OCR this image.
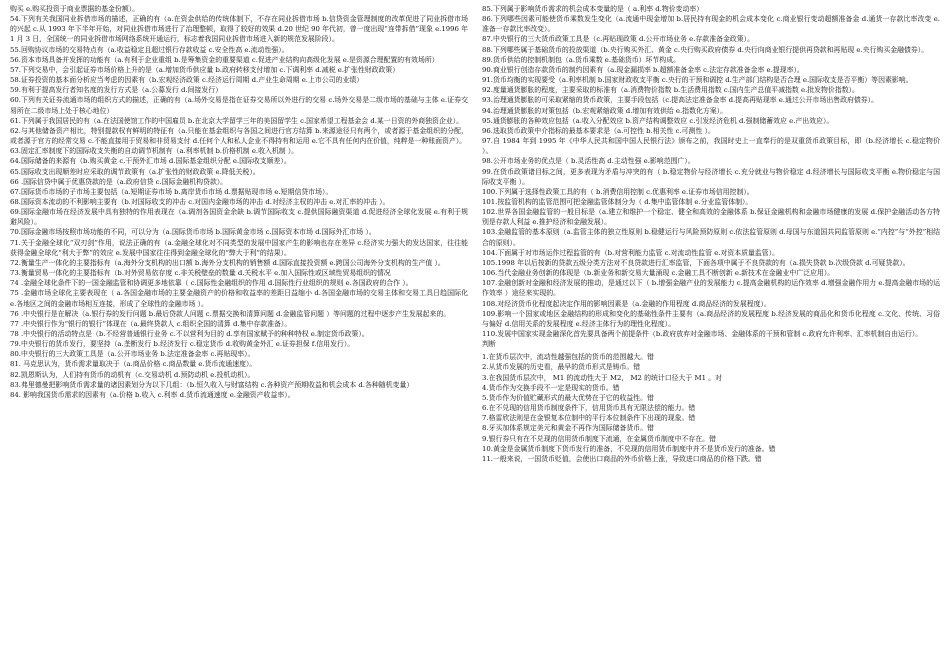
购买 e.购买投资于商业票据的基金份额）。

54.下列有关我国同业拆借市场的描述，正确的有（a.在资金供给的传统体制下，不存在同业拆借市场 b.信贷资金管理制度的改革促进了同业拆借市场的兴起 c.从 1993 年下半年开始，对同业拆借市场进行了治理整顿，取得了较好的效果 d.20 世纪 90 年代初，曾一度出现“连带拆借”现象 e.1996 年 1 月 3 日，全国统一的同业拆借市场网络系统开通运行，标志着我国同业拆借市场进入新的规范发展阶段）。

55.回购协议市场的交易特点有（a.收益稳定且超过银行存款收益 c.安全性高 e.流动性强）。

56.资本市场具备并发挥的功能有（a.有利于企业重组 b.是筹集资金的重要渠道 c.促进产业结构向高级化发展 e.是资源合理配置的有效场所）

57.下列交易中，会引起证券市场价格上升的是（a.增加货币供应量 b.政府转移支付增加 c.下调利率 d.减税 e.扩张性财政政策）

58.证券投资的基本面分析应当考虑的因素有（b.宏观经济政策 c.经济运行周期 d.产业生命周期 e.上市公司的业绩）

59.有利于提高发行者知名度的发行方式是（a.公募发行 d.间接发行）

60.下列有关证券流通市场的组织方式的描述，正确的有（a.场外交易是指在证券交易所以外进行的交易 c.场外交易是二级市场的基础与主体 e.证券交易所在二级市场上处于核心地位）

61.下列属于我国居民的有（a.在法国使馆工作的中国雇员 b.在北京大学留学三年的美国留学生 c.国家希望工程基金会 d.某一日资的外商独资企业）。

62.与其他储备资产相比，特别提款权有鲜明的特征有（a.只能在基金组织与各国之间进行官方结算 b.来源途径只有两个，或者源于基金组织的分配，或者源于官方的经常交易 c.不能直接用于贸易和非贸易支付 d.任何个人和私人企业不得持有和运用 e.它不具有任何内在价值，纯粹是一种账面资产）。

63.固定汇率制度下的国际收支失衡的自动调节机制有（a.利率机制 b.价格机制 e.收入机制 ）。

64.国际储备的来源有（b.购买黄金 c.干预外汇市场 d.国际基金组织分配 e.国际收支顺差）。

65.国际收支出现顺差时应采取的调节政策有（a.扩张性的财政政策 e.降低关税）。

66 .国际信贷中属于优惠贷款的是（a.政府信贷 c.国际金融机构贷款）。

67.国际货币市场的子市场主要包括（a.短期证券市场 b.离岸货币市场 d.票据贴现市场 e.短期信贷市场）。

68.国际资本流动的不利影响主要有（b.对国际收支的冲击 c.对国内金融市场的冲击 d.对经济主权的冲击 e.对汇率的冲击 ）。

69.国际金融市场在经济发展中具有独特的作用表现在（a.调剂各国资金余缺 b.调节国际收支 c.提供国际融资渠道 d.促进经济全球化发展 e.有利于规避风险）。

70.国际金融市场按照市场功能的不同，可以分为（a.国际货币市场 b.国际黄金市场 c.国际资本市场 d.国际外汇市场 ）。

71.关于金融全球化“双刃剑”作用，说法正确的有（a.金融全球化对不同类型的发展中国家产生的影响也存在差异 c.经济实力强大的发达国家，往往能获得金融全球化“利大于弊”的效应 e.发展中国家往往得到金融全球化的“弊大于利”的结果）。

72.衡量生产一体化的主要指标有（a.海外分支机构的出口额 b.海外分支机构的销售额 d.国际直接投资额 e.跨国公司海外分支机构的生产值 ）。

73.衡量贸易一体化的主要指标有（b.对外贸易依存度 c.非关税壁垒的数量 d.关税水平 e.加入国际性或区域性贸易组织的情况

74 .金融全球化条件下的一国金融监管和协调更多地依靠（ c.国际性金融组织的作用 d.国际性行业组织的规则 e.各国政府的合作 ）。

75 .金融市场全球化主要表现在（ a.各国金融市场的主要金融资产的价格和收益率的差距日益缩小 d.各国金融市场的交易主体和交易工具日趋国际化 e.各地区之间的金融市场相互连接，形成了全球性的金融市场 ）。

76 .中央银行是在解决（a.银行券的发行问题 b.最后贷款人问题 c.票据交换和清算问题 d.金融监管问题 ）等问题的过程中逐步产生发展起来的。

77 .中央银行作为“银行的银行”体现在（a.最终贷款人 c.组织全国的清算 d.集中存款准备）。

78 .中央银行的活动特点是（b.不经营普通银行业务 c.不以营利为目的 d.享有国家赋予的种种特权 e.制定货币政策）。

79.中央银行的货币发行，要坚持（a.垄断发行 b.经济发行 c.稳定货币 d.收购黄金外汇 e.证券担保 f.信用发行）。

80.中央银行的三大政策工具是（a.公开市场业务 b.法定准备金率 c.再贴现率）。

81. 马克思认为，货币需求量取决于（a.商品价格 c.商品数量 e.货币流通速度）。

82.凯恩斯认为，人们持有货币的动机有（c.交易动机 d.预防动机 e.投机动机）。

83.弗里德曼把影响货币需求量的诸因素划分为以下几组：（b.恒久收入与财富结构 c.各种资产预期收益和机会成本 d.各种随机变量）

84. 影响我国货币需求的因素有（a.价格 b.收入 c.利率 d.货币流通速度 e.金融资产收益率）。

85.下列属于影响货币需求的机会成本变量的是（ a.利率 d.物价变动率）

86.下列哪些因素可能使货币乘数发生变化（a.流通中现金增加 b.居民持有现金的机会成本变化 c.商业银行变动超额准备金 d.通货一存款比率改变 e.准备一存款比率改变）。

87.中央银行的三大货币政策工具是（c.再贴现政策 d.公开市场业务 e.存款准备金政策）。

88.下列哪些属于基础货币的投放渠道（b.央行购买外汇、黄金 c.央行购买政府债券 d.央行向商业银行提供再贷款和再贴现 e.央行购买金融债券）。

89.货币供给的控制机制包（a.货币乘数 e.基础货币）环节构成。

90.商业银行创造存款货币的制约因素有（a.现金漏损率 b.超额准备金率 c.法定存款准备金率 e.提现率）。

91.货币均衡的实现要受（a.利率机制 b.国家财政收支平衡 c.央行的干预和调控 d.生产部门结构是否合理 e.国际收支是否平衡）等因素影响。

92.度量通货膨胀的程度，主要采取的标准有（a.消费物价指数 b.生活费用指数 c.国内生产总值平减指数 e.批发物价指数）。

93.治理通货膨胀的可采取紧缩的货币政策，主要手段包括（c.提高法定准备金率 d.提高再贴现率 e.通过公开市场出售政府债券）。

94.治理通货膨胀的对策包括（b.宏观紧缩政策 d.增加有效供给 e.指数化方案）。

95.通货膨胀的各种效应包括（a.收入分配效应 b.资产结构调整效应 c.引发经济危机 d.强制储蓄效应 e.产出效应）。

96.选取货币政策中介指标的最基本要求是（a.可控性 b.相关性 c.可测性 ）。

97.自 1984 年到 1995 年《中华人民共和国中国人民银行法》颁布之前，我国时史上一直奉行的是双重货币政策目标，即（b.经济增长 c.稳定物价 ）。

98.公开市场业务的优点是（ b.灵活性高 d.主动性强 e.影响范围广）。

99.在货币政策诸目标之间，更多表现为矛盾与冲突的有（ b.稳定物价与经济增长 c.充分就业与物价稳定 d.经济增长与国际收支平衡 e.物价稳定与国际收支平衡 ）。

100.下列属于选择性政策工具的有（ b.消费信用控制 c.优惠利率 e.证券市场信用控制）。

101.按监管机构的监管范围可把金融监管体制分为（ d.集中监管体制 e.分业监管体制）。

102.世界各国金融监管的一般目标是（a.建立和维护一个稳定、健全和高效的金融体系 b.保证金融机构和金融市场健康的发展 d.保护金融活动各方特别是存款人利益 e.推护经济和金融发展）。

103.金融监管的基本原则（a.监管主体的独立性原则 b.稳健运行与风险预防原则 c.依法监管原则 d.母国与东道国共同监管原则 e.“内控”与“外控”相结合的原则）。

104.下面属于对市场运作过程监管的有（b.对营利能力监管 c.对流动性监管 e.对资本质量监管）。

105.1998 年以后按新的贷款五级分类方法对不良贷款进行汇率监管，下面各项中属于不良贷款的有（a.损失贷款 b.次级贷款 d.可疑贷款）。

106.当代金融业务创新的体现是（b.新业务和新交易大量涌现 c.金融工具不断创新 e.新技术在金融业中广泛应用）。

107.金融创新对金融和经济发展的推动，是通过以下（ b.增强金融产业的发展能力 c.提高金融机构的运作效率 d.增强金融作用力 e.提高金融市场的运作效率 ）途径来实现的。

108.对经济货币化程度起决定作用的影响因素是（a.金融的作用程度 d.商品经济的发展程度）。

109.影响一个国家或地区金融结构的形成和变化的基础性条件主要有（a.商品经济的发展程度 b.经济发展的商品化和货币化程度 c.文化、传统、习俗与偏好 d.信用关系的发展程度 e.经济主体行为的理性化程度）。

110.发展中国家实现金融深化首先要具备两个前提条件（b.政府放弃对金融市场、金融体系的干预和管制 c.政府允许利率、汇率机制自由运行）。

判断

1.在货币层次中，流动性越强包括的货币的范围越大。错

2.从货币发展的历史看，最早的货币形式是铸币。错

3.在我国货币层次中， M1 的流动性大于 M2， M2 的统计口径大于 M1 。对

4.货币作为交换手段不一定是现实的货币。错

5.货币作为价值贮藏形式的最大优势在于它的收益性。错

6.在不兑现的信用货币制度条件下，信用货币具有无限法偿的能力。错

7.格雷欣法则是在金银复本位制中的平行本位制条件下出现的现象。错

8.牙买加体系规定美元和黄金不再作为国际储备货币。错

9.银行券只有在不兑现的信用货币制度下流通，在金属货币制度中不存在。错

10.黄金是金属货币制度下货币发行的准备，不兑现的信用货币制度中并不是货币发行的准备。错

11.一般来说，一国货币贬值，会使出口商品的外币价格上涨，导致进口商品的价格下跌。错
